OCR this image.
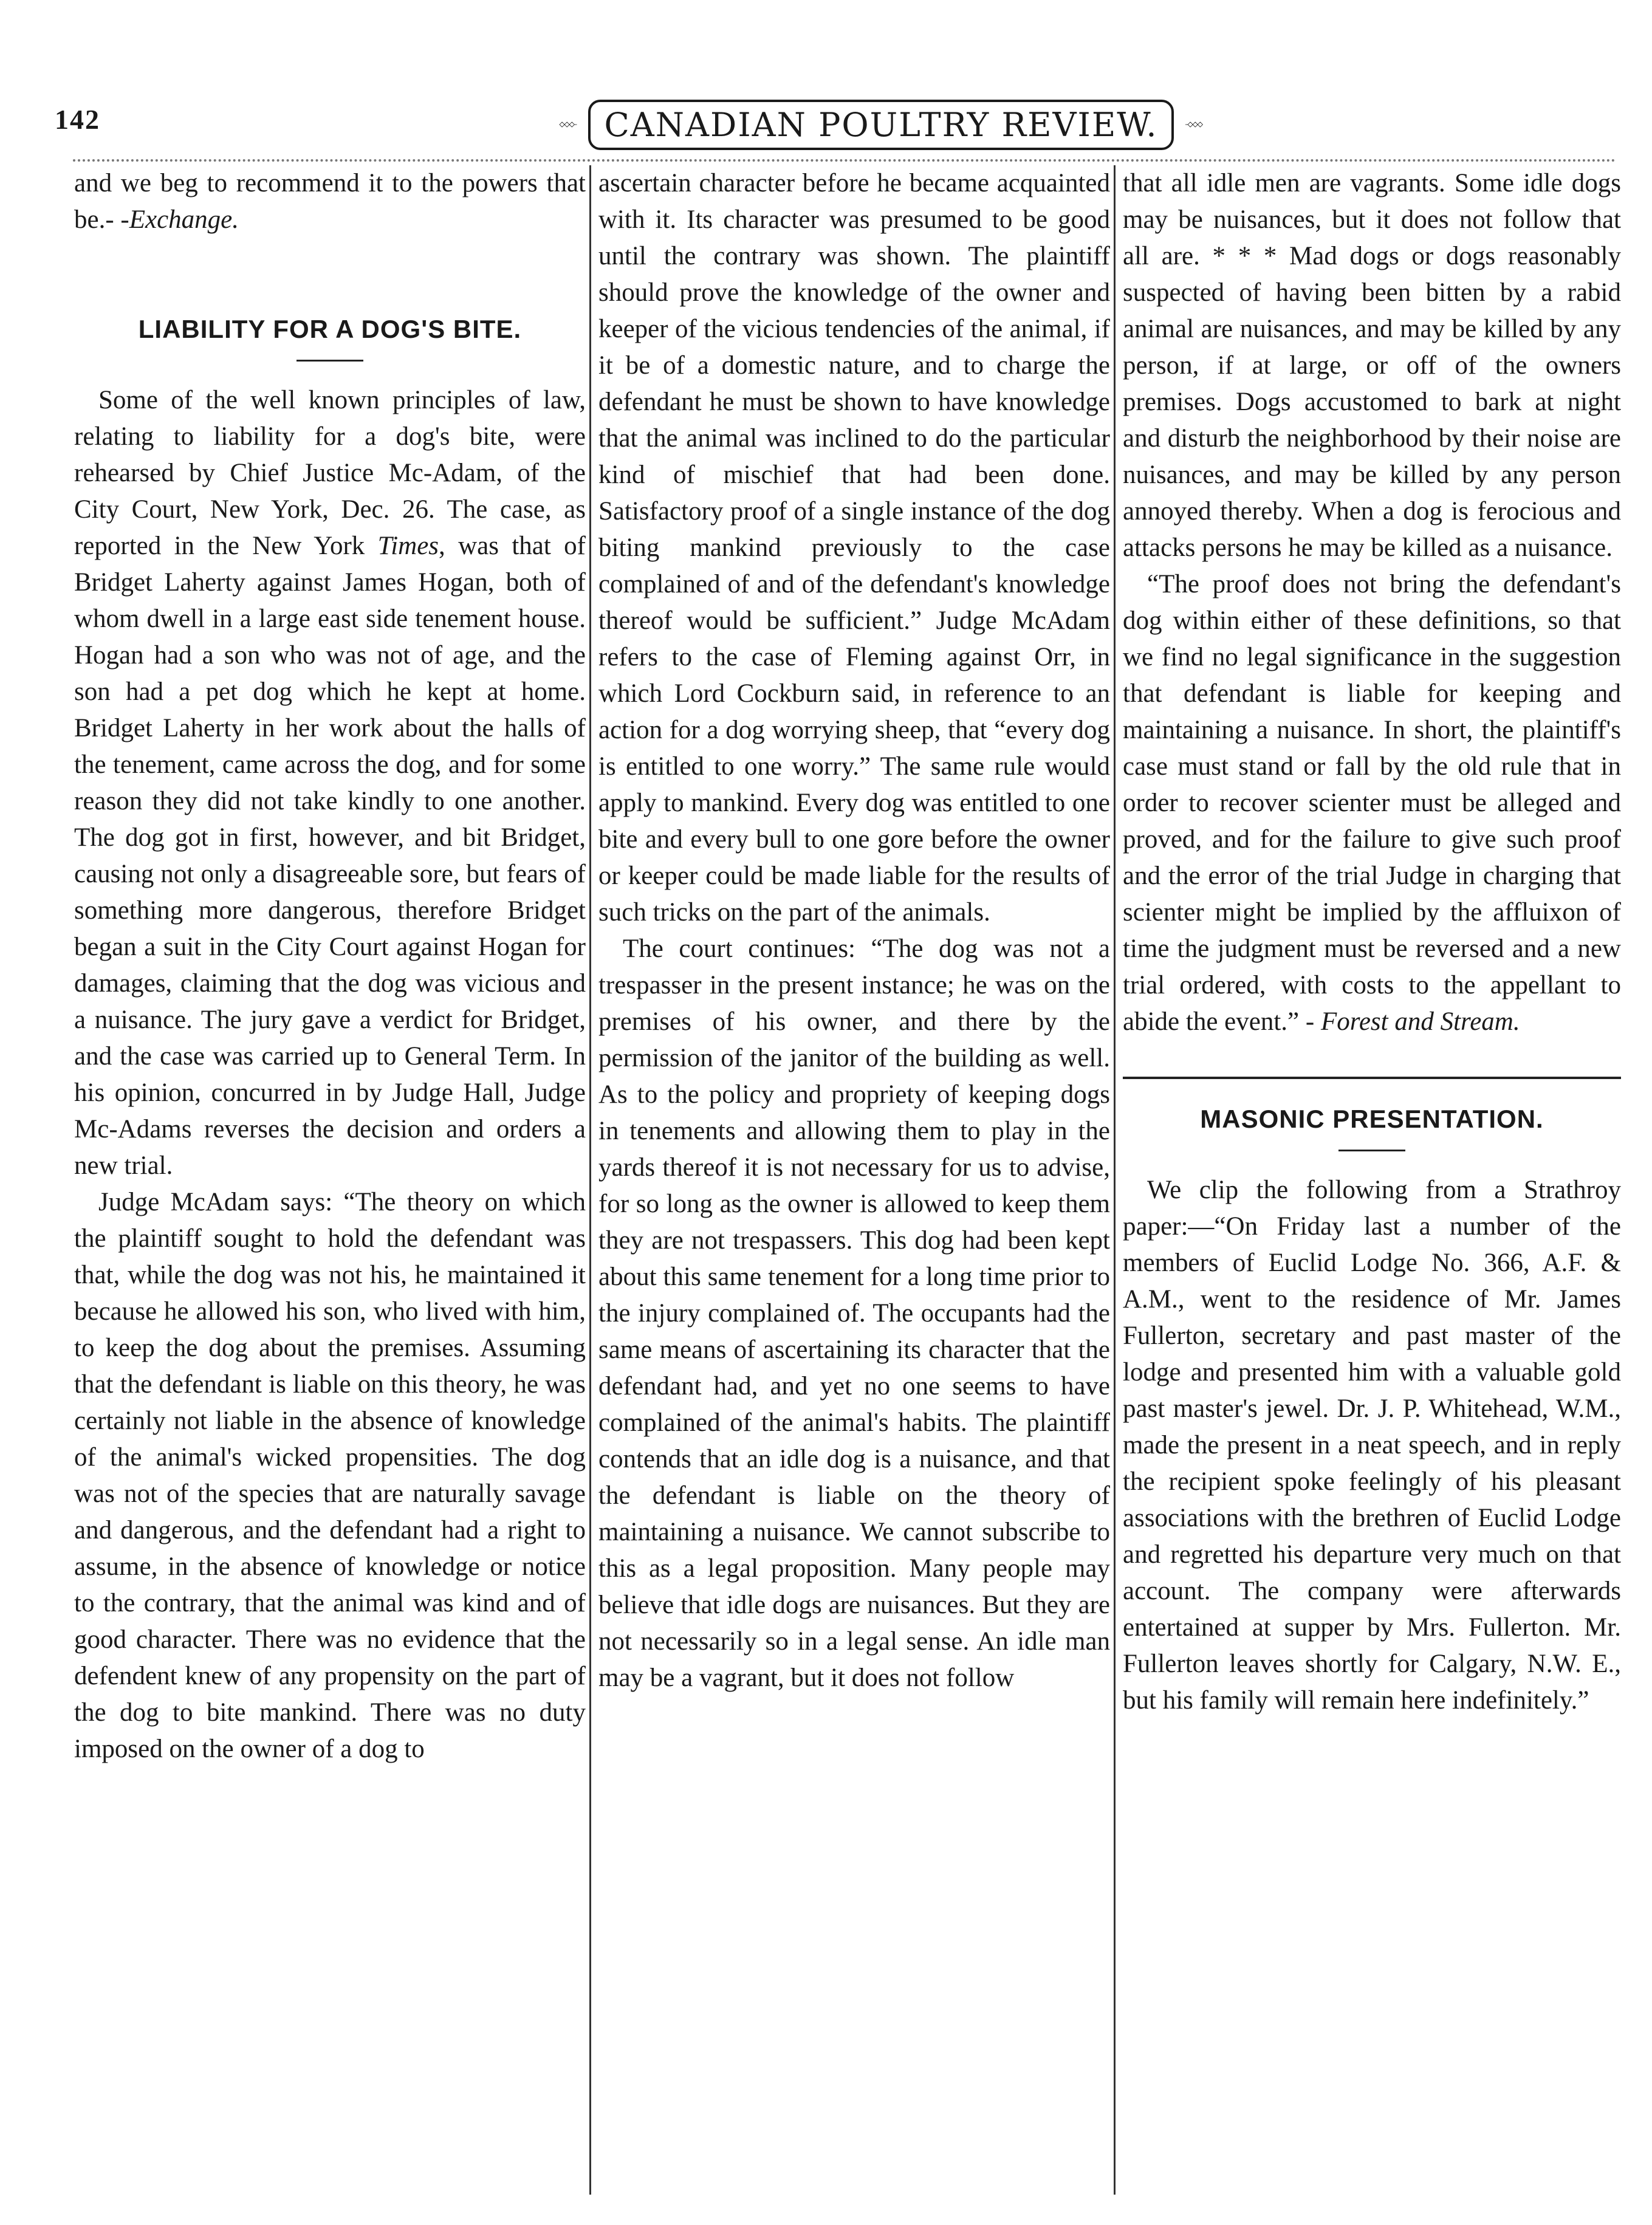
142	CANADIAN POULTRY REVIEW.

and we beg to recommend it to the powers that be.- -Exchange.

LIABILITY FOR A DOG'S BITE.

Some of the well known principles of law, relating to liability for a dog's bite, were rehearsed by Chief Justice Mc-Adam, of the City Court, New York, Dec. 26. The case, as reported in the New York Times, was that of Bridget Laherty against James Hogan, both of whom dwell in a large east side tenement house. Hogan had a son who was not of age, and the son had a pet dog which he kept at home. Bridget Laherty in her work about the halls of the tenement, came across the dog, and for some reason they did not take kindly to one another. The dog got in first, however, and bit Bridget, causing not only a disagreeable sore, but fears of something more dangerous, therefore Bridget began a suit in the City Court against Hogan for damages, claiming that the dog was vicious and a nuisance. The jury gave a verdict for Bridget, and the case was carried up to General Term. In his opinion, concurred in by Judge Hall, Judge Mc-Adams reverses the decision and orders a new trial.

Judge McAdam says: “The theory on which the plaintiff sought to hold the defendant was that, while the dog was not his, he maintained it because he allowed his son, who lived with him, to keep the dog about the premises. Assuming that the defendant is liable on this theory, he was certainly not liable in the absence of knowledge of the animal's wicked propensities. The dog was not of the species that are naturally savage and dangerous, and the defendant had a right to assume, in the absence of knowledge or notice to the contrary, that the animal was kind and of good character. There was no evidence that the defendent knew of any propensity on the part of the dog to bite mankind. There was no duty imposed on the owner of a dog to

ascertain character before he became acquainted with it. Its character was presumed to be good until the contrary was shown. The plaintiff should prove the knowledge of the owner and keeper of the vicious tendencies of the animal, if it be of a domestic nature, and to charge the defendant he must be shown to have knowledge that the animal was inclined to do the particular kind of mischief that had been done. Satisfactory proof of a single instance of the dog biting mankind previously to the case complained of and of the defendant's knowledge thereof would be sufficient.” Judge McAdam refers to the case of Fleming against Orr, in which Lord Cockburn said, in reference to an action for a dog worrying sheep, that “every dog is entitled to one worry.” The same rule would apply to mankind. Every dog was entitled to one bite and every bull to one gore before the owner or keeper could be made liable for the results of such tricks on the part of the animals.

The court continues: “The dog was not a trespasser in the present instance; he was on the premises of his owner, and there by the permission of the janitor of the building as well. As to the policy and propriety of keeping dogs in tenements and allowing them to play in the yards thereof it is not necessary for us to advise, for so long as the owner is allowed to keep them they are not trespassers. This dog had been kept about this same tenement for a long time prior to the injury complained of. The occupants had the same means of ascertaining its character that the defendant had, and yet no one seems to have complained of the animal's habits. The plaintiff contends that an idle dog is a nuisance, and that the defendant is liable on the theory of maintaining a nuisance. We cannot subscribe to this as a legal proposition. Many people may believe that idle dogs are nuisances. But they are not necessarily so in a legal sense. An idle man may be a vagrant, but it does not follow

that all idle men are vagrants. Some idle dogs may be nuisances, but it does not follow that all are. * * * Mad dogs or dogs reasonably suspected of having been bitten by a rabid animal are nuisances, and may be killed by any person, if at large, or off of the owners premises. Dogs accustomed to bark at night and disturb the neighborhood by their noise are nuisances, and may be killed by any person annoyed thereby. When a dog is ferocious and attacks persons he may be killed as a nuisance.

“The proof does not bring the defendant's dog within either of these definitions, so that we find no legal significance in the suggestion that defendant is liable for keeping and maintaining a nuisance. In short, the plaintiff's case must stand or fall by the old rule that in order to recover scienter must be alleged and proved, and for the failure to give such proof and the error of the trial Judge in charging that scienter might be implied by the affluixon of time the judgment must be reversed and a new trial ordered, with costs to the appellant to abide the event.” - Forest and Stream.

MASONIC PRESENTATION.

We clip the following from a Strathroy paper:—“On Friday last a number of the members of Euclid Lodge No. 366, A.F. & A.M., went to the residence of Mr. James Fullerton, secretary and past master of the lodge and presented him with a valuable gold past master's jewel. Dr. J. P. Whitehead, W.M., made the present in a neat speech, and in reply the recipient spoke feelingly of his pleasant associations with the brethren of Euclid Lodge and regretted his departure very much on that account. The company were afterwards entertained at supper by Mrs. Fullerton. Mr. Fullerton leaves shortly for Calgary, N.W. E., but his family will remain here indefinitely.”
